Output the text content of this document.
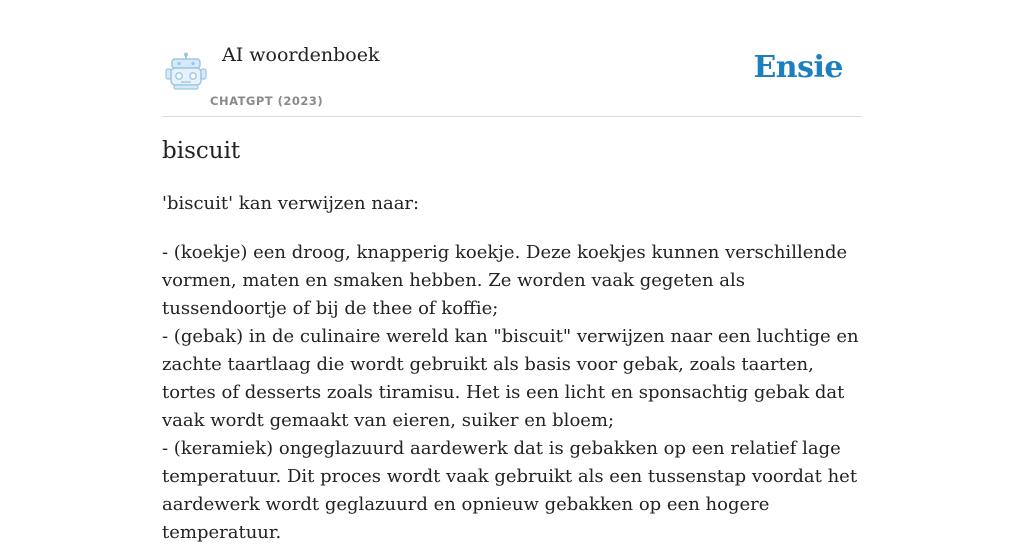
AI woordenboek
CHATGPT (2023)
Ensie
biscuit

'biscuit' kan verwijzen naar:

- (koekje) een droog, knapperig koekje. Deze koekjes kunnen verschillende vormen, maten en smaken hebben. Ze worden vaak gegeten als tussendoortje of bij de thee of koffie;

- (gebak) in de culinaire wereld kan "biscuit" verwijzen naar een luchtige en zachte taartlaag die wordt gebruikt als basis voor gebak, zoals taarten, tortes of desserts zoals tiramisu. Het is een licht en sponsachtig gebak dat vaak wordt gemaakt van eieren, suiker en bloem;

- (keramiek) ongeglazuurd aardewerk dat is gebakken op een relatief lage temperatuur. Dit proces wordt vaak gebruikt als een tussenstap voordat het aardewerk wordt geglazuurd en opnieuw gebakken op een hogere temperatuur.
